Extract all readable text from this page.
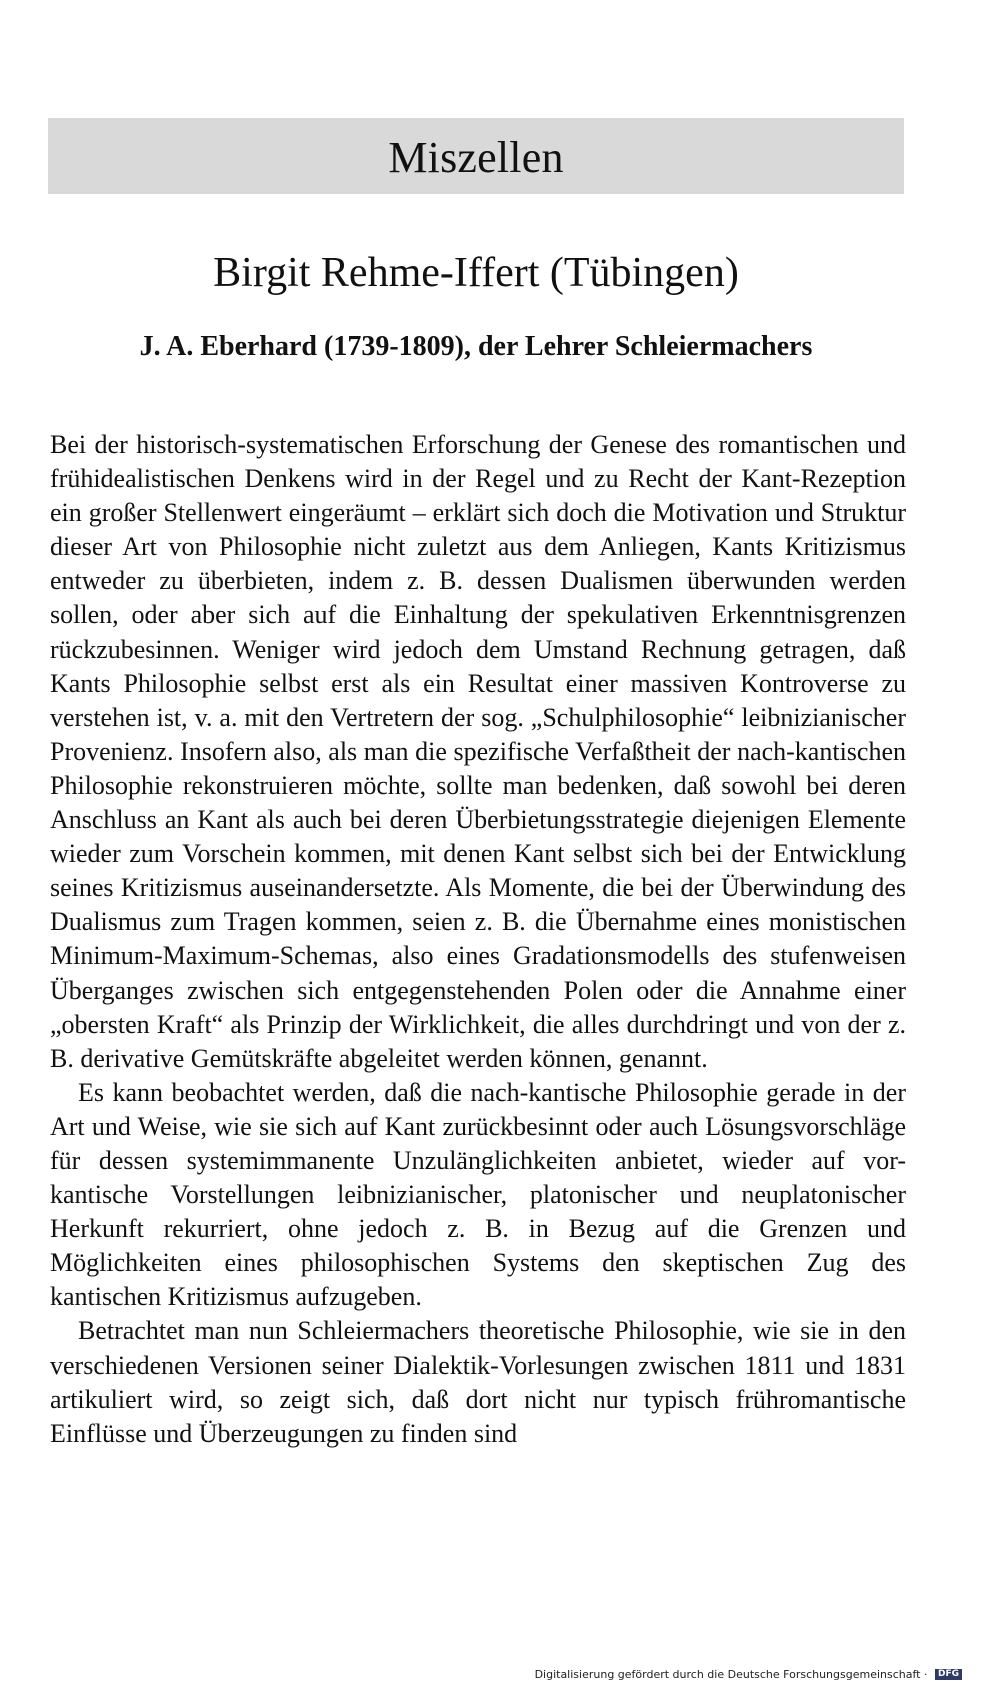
Miszellen
Birgit Rehme-Iffert (Tübingen)
J. A. Eberhard (1739-1809), der Lehrer Schleiermachers

Bei der historisch-systematischen Erforschung der Genese des romantischen und frühidealistischen Denkens wird in der Regel und zu Recht der Kant-Rezeption ein großer Stellenwert eingeräumt – erklärt sich doch die Motivation und Struktur dieser Art von Philosophie nicht zuletzt aus dem Anliegen, Kants Kritizismus entweder zu überbieten, indem z. B. dessen Dualismen überwunden werden sollen, oder aber sich auf die Einhaltung der spekulativen Erkenntnisgrenzen rückzubesinnen. Weniger wird jedoch dem Umstand Rechnung getragen, daß Kants Philosophie selbst erst als ein Resultat einer massiven Kontroverse zu verstehen ist, v. a. mit den Vertretern der sog. „Schulphilosophie“ leibnizianischer Provenienz. Insofern also, als man die spezifische Verfaßtheit der nach-kantischen Philosophie rekonstruieren möchte, sollte man bedenken, daß sowohl bei deren Anschluss an Kant als auch bei deren Überbietungsstrategie diejenigen Elemente wieder zum Vorschein kommen, mit denen Kant selbst sich bei der Entwicklung seines Kritizismus auseinandersetzte. Als Momente, die bei der Überwindung des Dualismus zum Tragen kommen, seien z. B. die Übernahme eines monistischen Minimum-Maximum-Schemas, also eines Gradationsmodells des stufenweisen Überganges zwischen sich entgegenstehenden Polen oder die Annahme einer „obersten Kraft“ als Prinzip der Wirklichkeit, die alles durchdringt und von der z. B. derivative Gemütskräfte abgeleitet werden können, genannt.

Es kann beobachtet werden, daß die nach-kantische Philosophie gerade in der Art und Weise, wie sie sich auf Kant zurückbesinnt oder auch Lösungsvorschläge für dessen systemimmanente Unzulänglichkeiten anbietet, wieder auf vor-kantische Vorstellungen leibnizianischer, platonischer und neuplatonischer Herkunft rekurriert, ohne jedoch z. B. in Bezug auf die Grenzen und Möglichkeiten eines philosophischen Systems den skeptischen Zug des kantischen Kritizismus aufzugeben.

Betrachtet man nun Schleiermachers theoretische Philosophie, wie sie in den verschiedenen Versionen seiner Dialektik-Vorlesungen zwischen 1811 und 1831 artikuliert wird, so zeigt sich, daß dort nicht nur typisch frühromantische Einflüsse und Überzeugungen zu finden sind

Digitalisierung gefördert durch die Deutsche Forschungsgemeinschaft · DFG
